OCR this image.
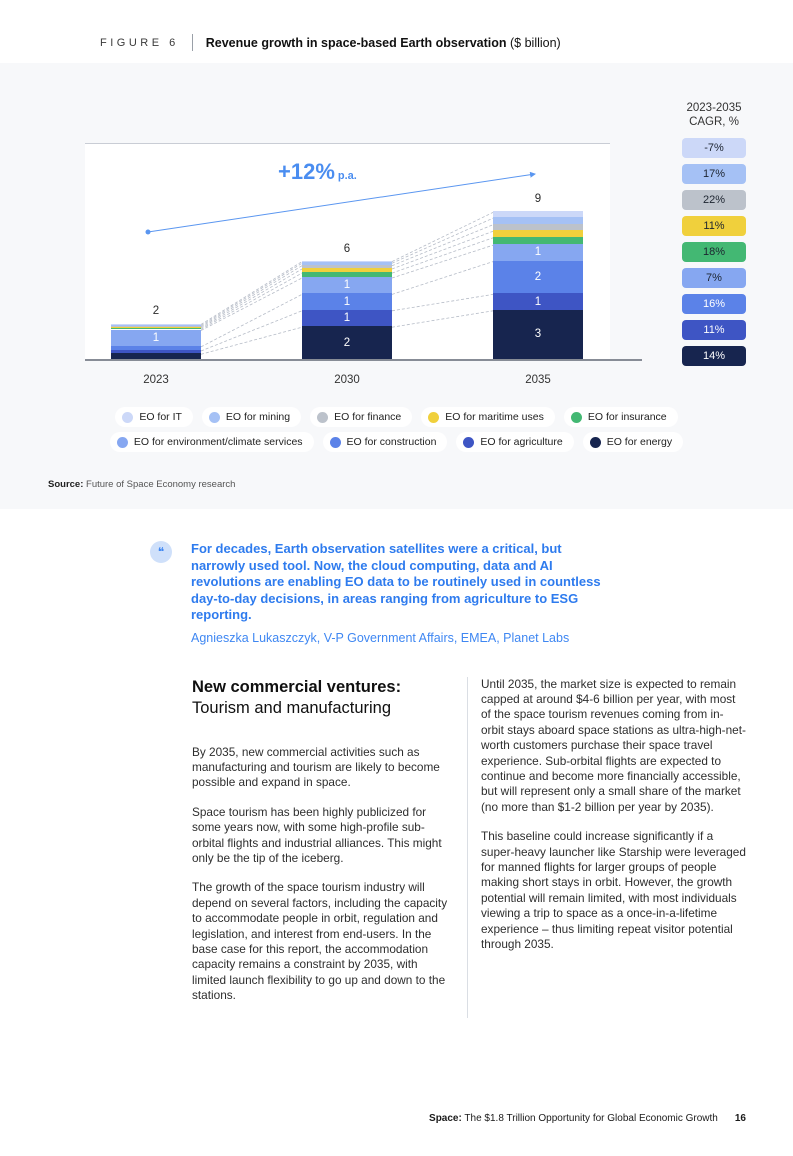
FIGURE 6 Revenue growth in space-based Earth observation ($ billion)
+12% p.a.
1
2
2023
2
1
1
1
6
2030
3
1
2
1
9
2035
2023-2035
CAGR, %
-7%
17%
22%
11%
18%
7%
16%
11%
14%
EO for IT	EO for mining	EO for finance	EO for maritime uses	EO for insurance
EO for environment/climate services	EO for construction	EO for agriculture	EO for energy
Source: Future of Space Economy research
❝	For decades, Earth observation satellites were a critical, but narrowly used tool. Now, the cloud computing, data and AI revolutions are enabling EO data to be routinely used in countless day-to-day decisions, in areas ranging from agriculture to ESG reporting.
Agnieszka Lukaszczyk, V-P Government Affairs, EMEA, Planet Labs
New commercial ventures:
Tourism and manufacturing

By 2035, new commercial activities such as manufacturing and tourism are likely to become possible and expand in space.

Space tourism has been highly publicized for some years now, with some high-profile sub-orbital flights and industrial alliances. This might only be the tip of the iceberg.

The growth of the space tourism industry will depend on several factors, including the capacity to accommodate people in orbit, regulation and legislation, and interest from end-users. In the base case for this report, the accommodation capacity remains a constraint by 2035, with limited launch flexibility to go up and down to the stations.

Until 2035, the market size is expected to remain capped at around $4-6 billion per year, with most of the space tourism revenues coming from in-orbit stays aboard space stations as ultra-high-net-worth customers purchase their space travel experience. Sub-orbital flights are expected to continue and become more financially accessible, but will represent only a small share of the market (no more than $1-2 billion per year by 2035).

This baseline could increase significantly if a super-heavy launcher like Starship were leveraged for manned flights for larger groups of people making short stays in orbit. However, the growth potential will remain limited, with most individuals viewing a trip to space as a once-in-a-lifetime experience – thus limiting repeat visitor potential through 2035.

Space: The $1.8 Trillion Opportunity for Global Economic Growth 16
